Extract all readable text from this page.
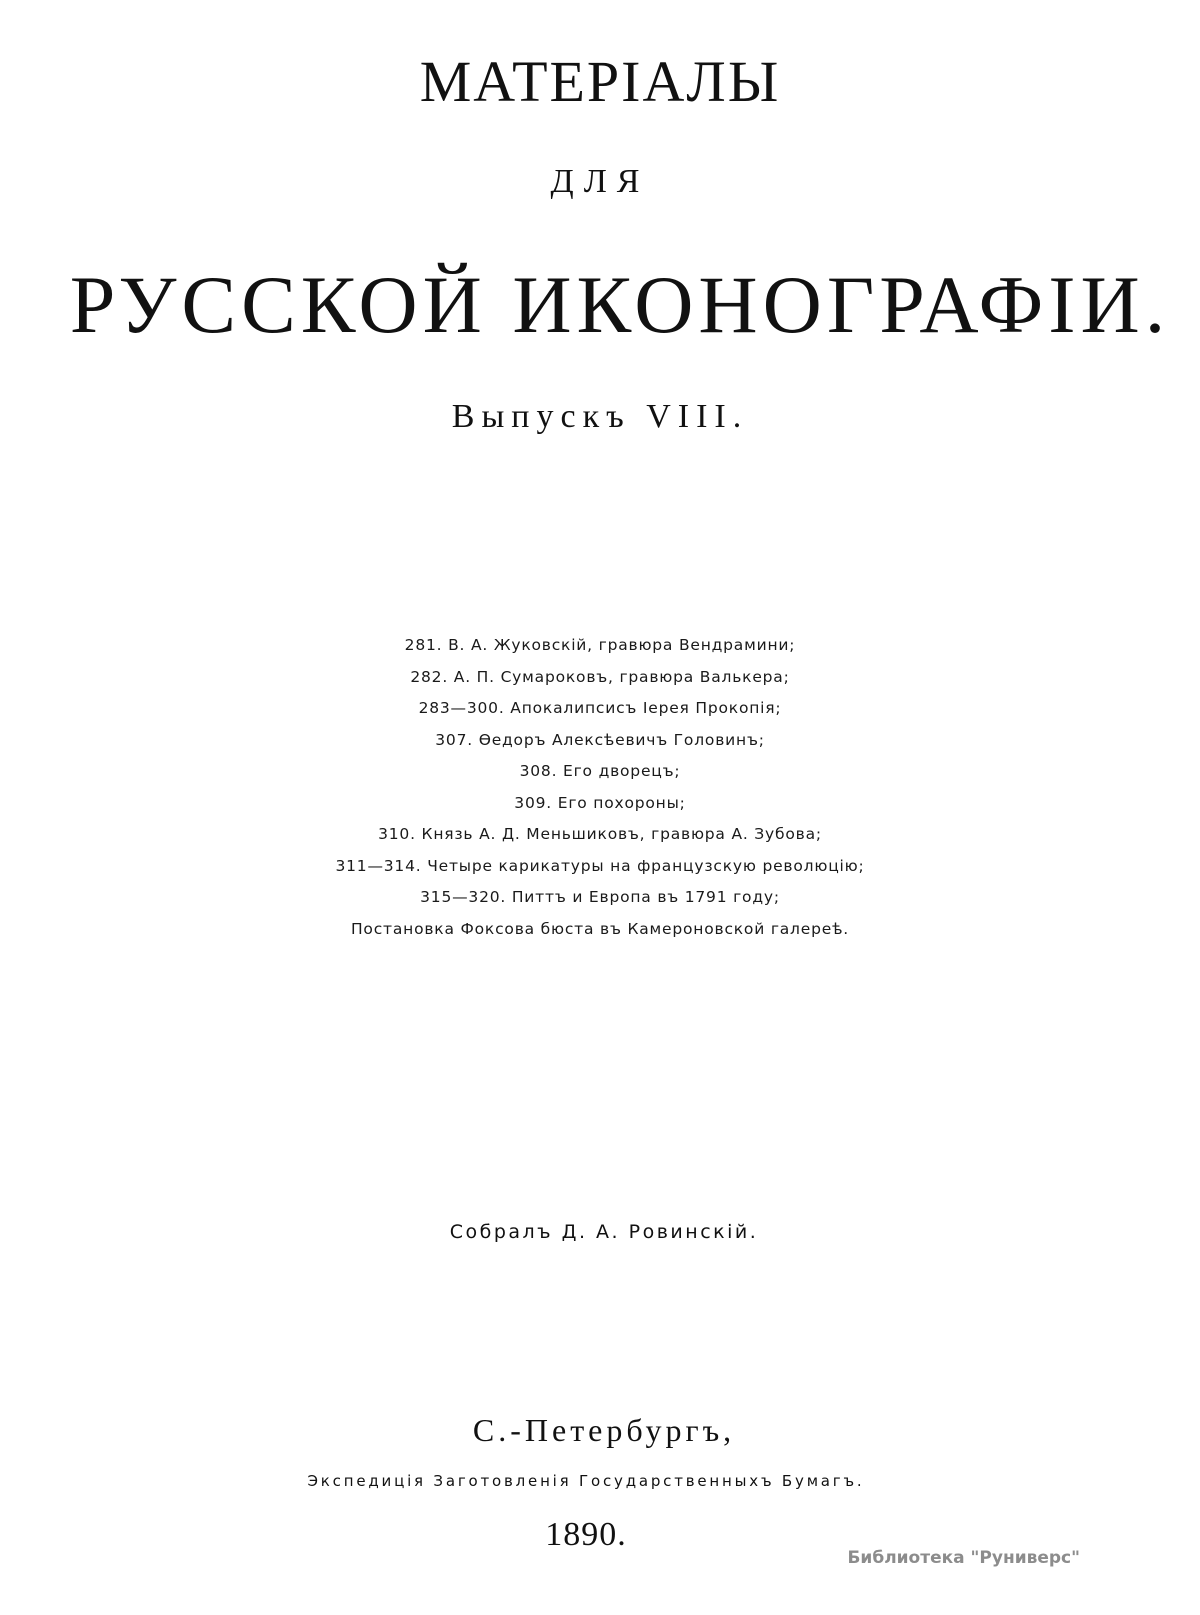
МАТЕРІАЛЫ
ДЛЯ
РУССКОЙ ИКОНОГРАФІИ.
Выпускъ VIII.
281. В. А. Жуковскій, гравюра Вендрамини;
282. А. П. Сумароковъ, гравюра Валькера;
283—300. Апокалипсисъ Іерея Прокопія;
307. Ѳедоръ Алексѣевичъ Головинъ;
308. Его дворецъ;
309. Его похороны;
310. Князь А. Д. Меньшиковъ, гравюра А. Зубова;
311—314. Четыре карикатуры на французскую революцію;
315—320. Питтъ и Европа въ 1791 году;
Постановка Фоксова бюста въ Камероновской галереѣ.
Собралъ Д. А. Ровинскій.
С.-Петербургъ,
Экспедиція Заготовленія Государственныхъ Бумагъ.
1890.
Библиотека "Руниверс"
